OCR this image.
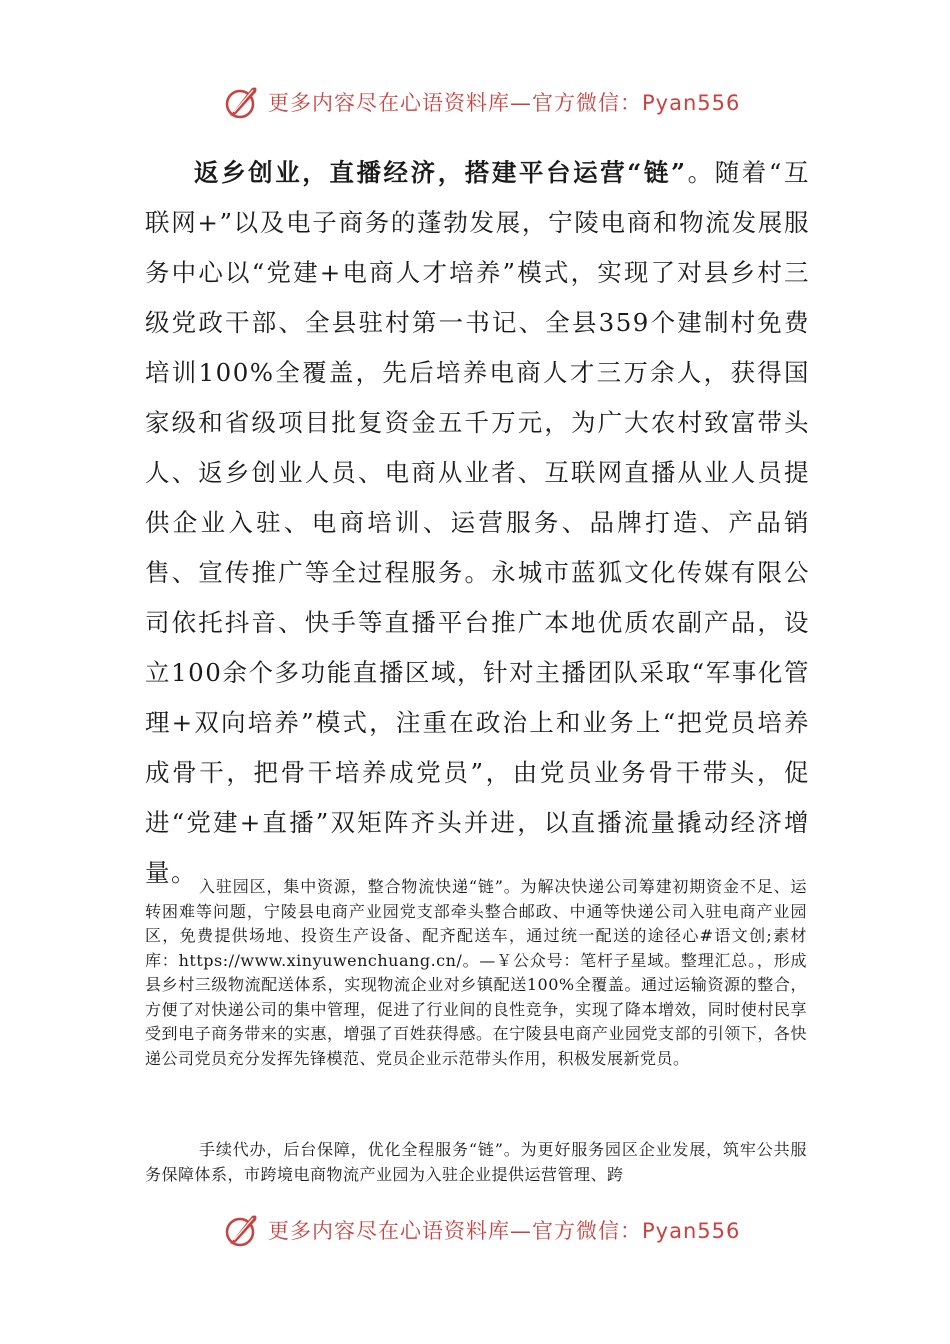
更多内容尽在心语资料库—官方微信：Pyan556

返乡创业，直播经济，搭建平台运营“链”。随着“互联网+”以及电子商务的蓬勃发展，宁陵电商和物流发展服务中心以“党建+电商人才培养”模式，实现了对县乡村三级党政干部、全县驻村第一书记、全县359个建制村免费培训100%全覆盖，先后培养电商人才三万余人，获得国家级和省级项目批复资金五千万元，为广大农村致富带头人、返乡创业人员、电商从业者、互联网直播从业人员提供企业入驻、电商培训、运营服务、品牌打造、产品销售、宣传推广等全过程服务。永城市蓝狐文化传媒有限公司依托抖音、快手等直播平台推广本地优质农副产品，设立100余个多功能直播区域，针对主播团队采取“军事化管理+双向培养”模式，注重在政治上和业务上“把党员培养成骨干，把骨干培养成党员”，由党员业务骨干带头，促进“党建+直播”双矩阵齐头并进，以直播流量撬动经济增量。 入驻园区，集中资源，整合物流快递“链”。为解决快递公司筹建初期资金不足、运转困难等问题，宁陵县电商产业园党支部牵头整合邮政、中通等快递公司入驻电商产业园区，免费提供场地、投资生产设备、配齐配送车，通过统一配送的途径心#语文创;素材库：https://www.xinyuwenchuang.cn/。—￥公众号：笔杆子星域。整理汇总。，形成县乡村三级物流配送体系，实现物流企业对乡镇配送100%全覆盖。通过运输资源的整合，方便了对快递公司的集中管理，促进了行业间的良性竞争，实现了降本增效，同时使村民享受到电子商务带来的实惠，增强了百姓获得感。在宁陵县电商产业园党支部的引领下，各快递公司党员充分发挥先锋模范、党员企业示范带头作用，积极发展新党员。

手续代办，后台保障，优化全程服务“链”。为更好服务园区企业发展，筑牢公共服务保障体系，市跨境电商物流产业园为入驻企业提供运营管理、跨

更多内容尽在心语资料库—官方微信：Pyan556
